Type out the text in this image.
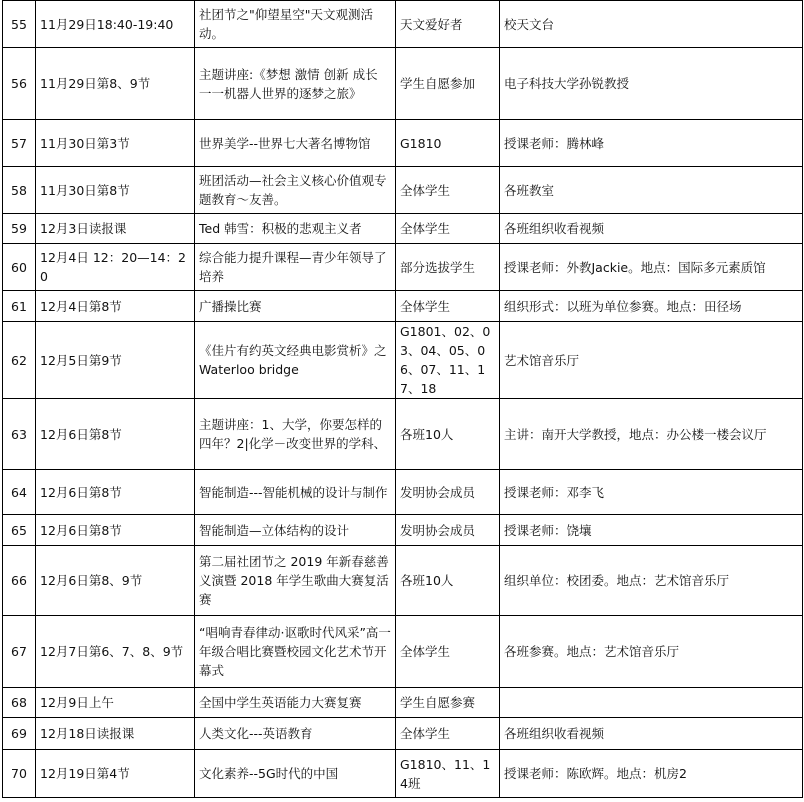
55	11月29日18:40-19:40	社团节之"仰望星空"天文观测活动。	天文爱好者	校天文台
56	11月29日第8、9节	主题讲座:《梦想 激情 创新 成长 一一机器人世界的逐梦之旅》	学生自愿参加	电子科技大学孙锐教授
57	11月30日第3节	世界美学--世界七大著名博物馆	G1810	授课老师：腾林峰
58	11月30日第8节	班团活动—社会主义核心价值观专题教育～友善。	全体学生	各班教室
59	12月3日读报课	Ted 韩雪：积极的悲观主义者	全体学生	各班组织收看视频
60	12月4日 12：20—14：20	综合能力提升课程—青少年领导了培养	部分选拔学生	授课老师：外教Jackie。地点：国际多元素质馆
61	12月4日第8节	广播操比赛	全体学生	组织形式：以班为单位参赛。地点：田径场
62	12月5日第9节	《佳片有约英文经典电影赏析》之 Waterloo bridge	G1801、02、03、04、05、06、07、11、17、18	艺术馆音乐厅
63	12月6日第8节	主题讲座：1、大学，你要怎样的四年？2|化学－改变世界的学科、	各班10人	主讲：南开大学教授，地点：办公楼一楼会议厅
64	12月6日第8节	智能制造---智能机械的设计与制作	发明协会成员	授课老师：邓李飞
65	12月6日第8节	智能制造—立体结构的设计	发明协会成员	授课老师：饶壤
66	12月6日第8、9节	第二届社团节之 2019 年新春慈善义演暨 2018 年学生歌曲大赛复活赛	各班10人	组织单位：校团委。地点：艺术馆音乐厅
67	12月7日第6、7、8、9节	“唱响青春律动·讴歌时代风采”高一年级合唱比赛暨校园文化艺术节开幕式	全体学生	各班参赛。地点：艺术馆音乐厅
68	12月9日上午	全国中学生英语能力大赛复赛	学生自愿参赛	
69	12月18日读报课	人类文化---英语教育	全体学生	各班组织收看视频
70	12月19日第4节	文化素养--5G时代的中国	G1810、11、14班	授课老师：陈欧辉。地点：机房2
